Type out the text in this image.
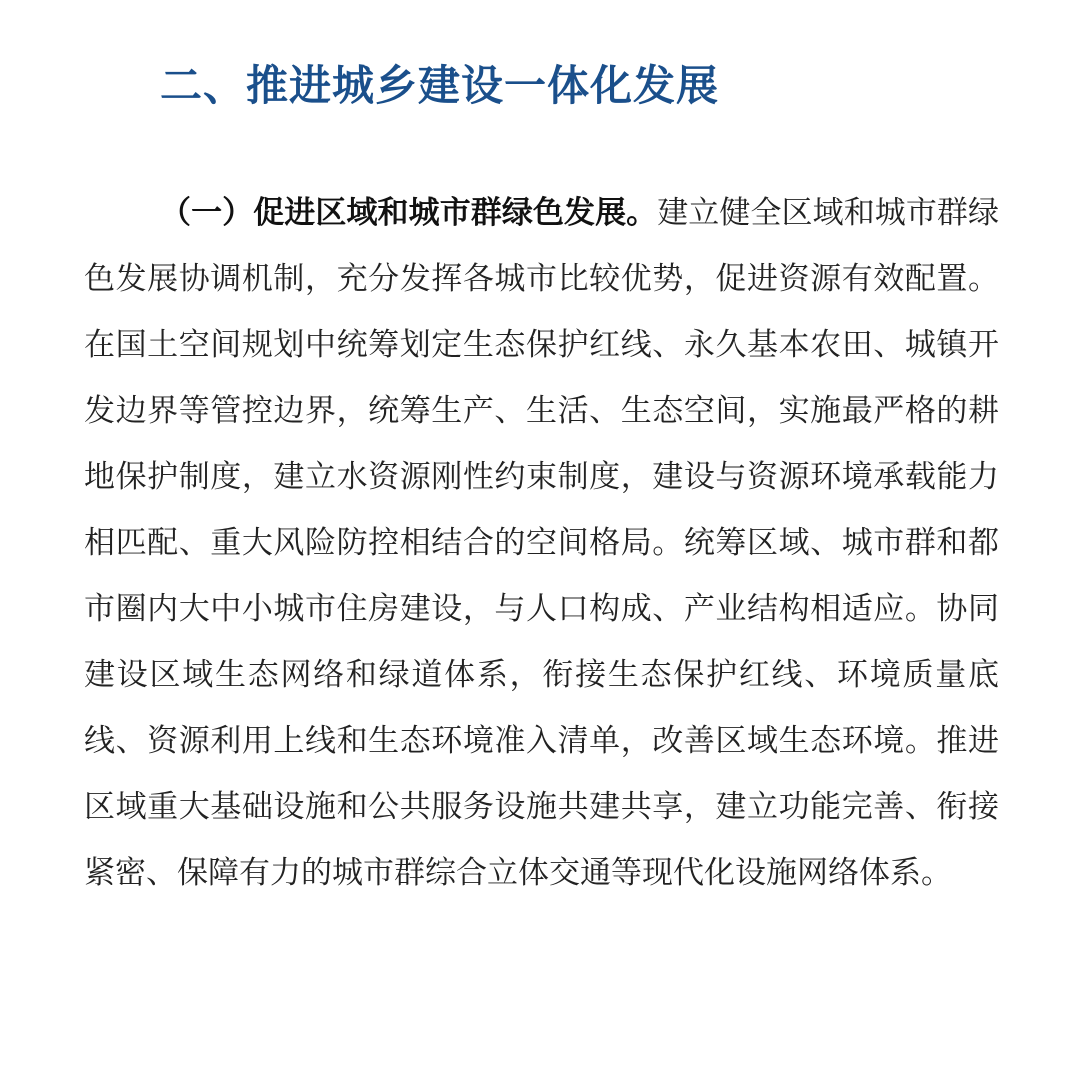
二、推进城乡建设一体化发展

（一）促进区域和城市群绿色发展。建立健全区域和城市群绿色发展协调机制，充分发挥各城市比较优势，促进资源有效配置。在国土空间规划中统筹划定生态保护红线、永久基本农田、城镇开发边界等管控边界，统筹生产、生活、生态空间，实施最严格的耕地保护制度，建立水资源刚性约束制度，建设与资源环境承载能力相匹配、重大风险防控相结合的空间格局。统筹区域、城市群和都市圈内大中小城市住房建设，与人口构成、产业结构相适应。协同建设区域生态网络和绿道体系，衔接生态保护红线、环境质量底线、资源利用上线和生态环境准入清单，改善区域生态环境。推进区域重大基础设施和公共服务设施共建共享，建立功能完善、衔接紧密、保障有力的城市群综合立体交通等现代化设施网络体系。
